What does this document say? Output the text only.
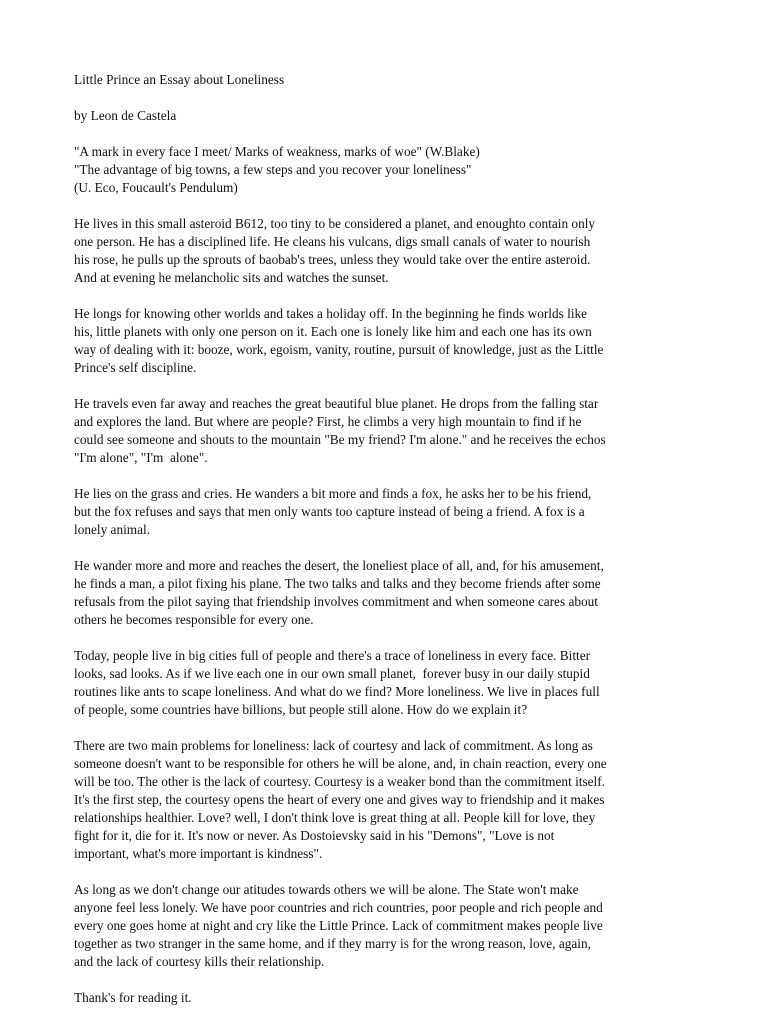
Little Prince an Essay about Loneliness
by Leon de Castela
"A mark in every face I meet/ Marks of weakness, marks of woe" (W.Blake)
"The advantage of big towns, a few steps and you recover your loneliness"
(U. Eco, Foucault's Pendulum)
He lives in this small asteroid B612, too tiny to be considered a planet, and enoughto contain only
one person. He has a disciplined life. He cleans his vulcans, digs small canals of water to nourish
his rose, he pulls up the sprouts of baobab's trees, unless they would take over the entire asteroid.
And at evening he melancholic sits and watches the sunset.
He longs for knowing other worlds and takes a holiday off. In the beginning he finds worlds like
his, little planets with only one person on it. Each one is lonely like him and each one has its own
way of dealing with it: booze, work, egoism, vanity, routine, pursuit of knowledge, just as the Little
Prince's self discipline.
He travels even far away and reaches the great beautiful blue planet. He drops from the falling star
and explores the land. But where are people? First, he climbs a very high mountain to find if he
could see someone and shouts to the mountain "Be my friend? I'm alone." and he receives the echos
"I'm alone", "I'm  alone".
He lies on the grass and cries. He wanders a bit more and finds a fox, he asks her to be his friend,
but the fox refuses and says that men only wants too capture instead of being a friend. A fox is a
lonely animal.
He wander more and more and reaches the desert, the loneliest place of all, and, for his amusement,
he finds a man, a pilot fixing his plane. The two talks and talks and they become friends after some
refusals from the pilot saying that friendship involves commitment and when someone cares about
others he becomes responsible for every one.
Today, people live in big cities full of people and there's a trace of loneliness in every face. Bitter
looks, sad looks. As if we live each one in our own small planet,  forever busy in our daily stupid
routines like ants to scape loneliness. And what do we find? More loneliness. We live in places full
of people, some countries have billions, but people still alone. How do we explain it?
There are two main problems for loneliness: lack of courtesy and lack of commitment. As long as
someone doesn't want to be responsible for others he will be alone, and, in chain reaction, every one
will be too. The other is the lack of courtesy. Courtesy is a weaker bond than the commitment itself.
It's the first step, the courtesy opens the heart of every one and gives way to friendship and it makes
relationships healthier. Love? well, I don't think love is great thing at all. People kill for love, they
fight for it, die for it. It's now or never. As Dostoievsky said in his "Demons", "Love is not
important, what's more important is kindness".
As long as we don't change our atitudes towards others we will be alone. The State won't make
anyone feel less lonely. We have poor countries and rich countries, poor people and rich people and
every one goes home at night and cry like the Little Prince. Lack of commitment makes people live
together as two stranger in the same home, and if they marry is for the wrong reason, love, again,
and the lack of courtesy kills their relationship.
Thank's for reading it.
